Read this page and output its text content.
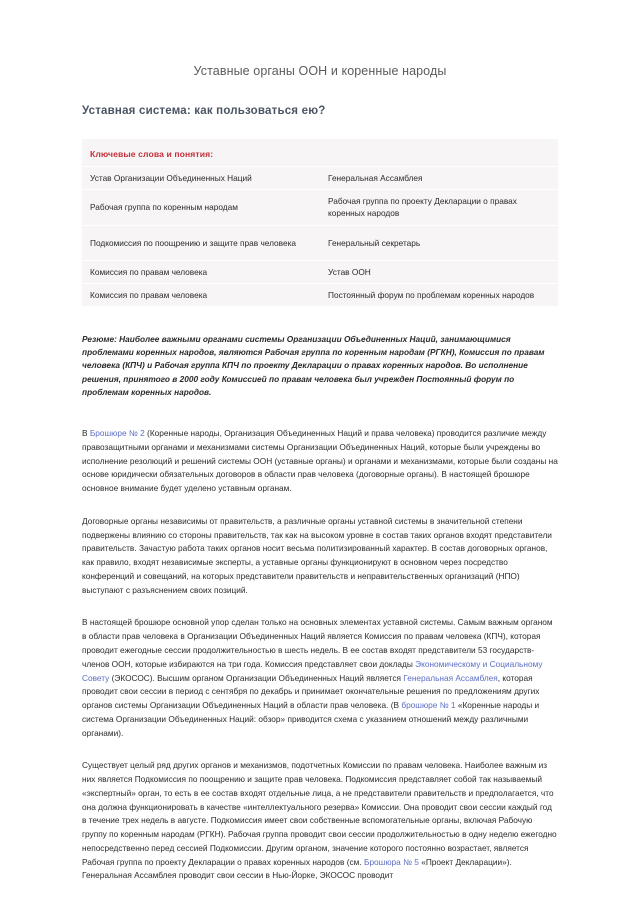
Уставные органы ООН и коренные народы
Уставная система: как пользоваться ею?
Ключевые слова и понятия:	
Устав Организации Объединенных Наций	Генеральная Ассамблея
Рабочая группа по коренным народам	Рабочая группа по проекту Декларации о правах коренных народов
Подкомиссия по поощрению и защите прав человека	Генеральный секретарь
Комиссия по правам человека	Устав ООН
Комиссия по правам человека	Постоянный форум по проблемам коренных народов

Резюме: Наиболее важными органами системы Организации Объединенных Наций, занимающимися проблемами коренных народов, являются Рабочая группа по коренным народам (РГКН), Комиссия по правам человека (КПЧ) и Рабочая группа КПЧ по проекту Декларации о правах коренных народов. Во исполнение решения, принятого в 2000 году Комиссией по правам человека был учрежден Постоянный форум по проблемам коренных народов.

В Брошюре № 2 (Коренные народы, Организация Объединенных Наций и права человека) проводится различие между правозащитными органами и механизмами системы Организации Объединенных Наций, которые были учреждены во исполнение резолюций и решений системы ООН (уставные органы) и органами и механизмами, которые были созданы на основе юридически обязательных договоров в области прав человека (договорные органы). В настоящей брошюре основное внимание будет уделено уставным органам.

Договорные органы независимы от правительств, а различные органы уставной системы в значительной степени подвержены влиянию со стороны правительств, так как на высоком уровне в состав таких органов входят представители правительств. Зачастую работа таких органов носит весьма политизированный характер. В состав договорных органов, как правило, входят независимые эксперты, а уставные органы функционируют в основном через посредство конференций и совещаний, на которых представители правительств и неправительственных организаций (НПО) выступают с разъяснением своих позиций.

В настоящей брошюре основной упор сделан только на основных элементах уставной системы. Самым важным органом в области прав человека в Организации Объединенных Наций является Комиссия по правам человека (КПЧ), которая проводит ежегодные сессии продолжительностью в шесть недель. В ее состав входят представители 53 государств-членов ООН, которые избираются на три года. Комиссия представляет свои доклады Экономическому и Социальному Совету (ЭКОСОС). Высшим органом Организации Объединенных Наций является Генеральная Ассамблея, которая проводит свои сессии в период с сентября по декабрь и принимает окончательные решения по предложениям других органов системы Организации Объединенных Наций в области прав человека. (В брошюре № 1 «Коренные народы и система Организации Объединенных Наций: обзор» приводится схема с указанием отношений между различными органами).

Существует целый ряд других органов и механизмов, подотчетных Комиссии по правам человека. Наиболее важным из них является Подкомиссия по поощрению и защите прав человека. Подкомиссия представляет собой так называемый «экспертный» орган, то есть в ее состав входят отдельные лица, а не представители правительств и предполагается, что она должна функционировать в качестве «интеллектуального резерва» Комиссии. Она проводит свои сессии каждый год в течение трех недель в августе. Подкомиссия имеет свои собственные вспомогательные органы, включая Рабочую группу по коренным народам (РГКН). Рабочая группа проводит свои сессии продолжительностью в одну неделю ежегодно непосредственно перед сессией Подкомиссии. Другим органом, значение которого постоянно возрастает, является Рабочая группа по проекту Декларации о правах коренных народов (см. Брошюра № 5 «Проект Декларации»). Генеральная Ассамблея проводит свои сессии в Нью-Йорке, ЭКОСОС проводит
